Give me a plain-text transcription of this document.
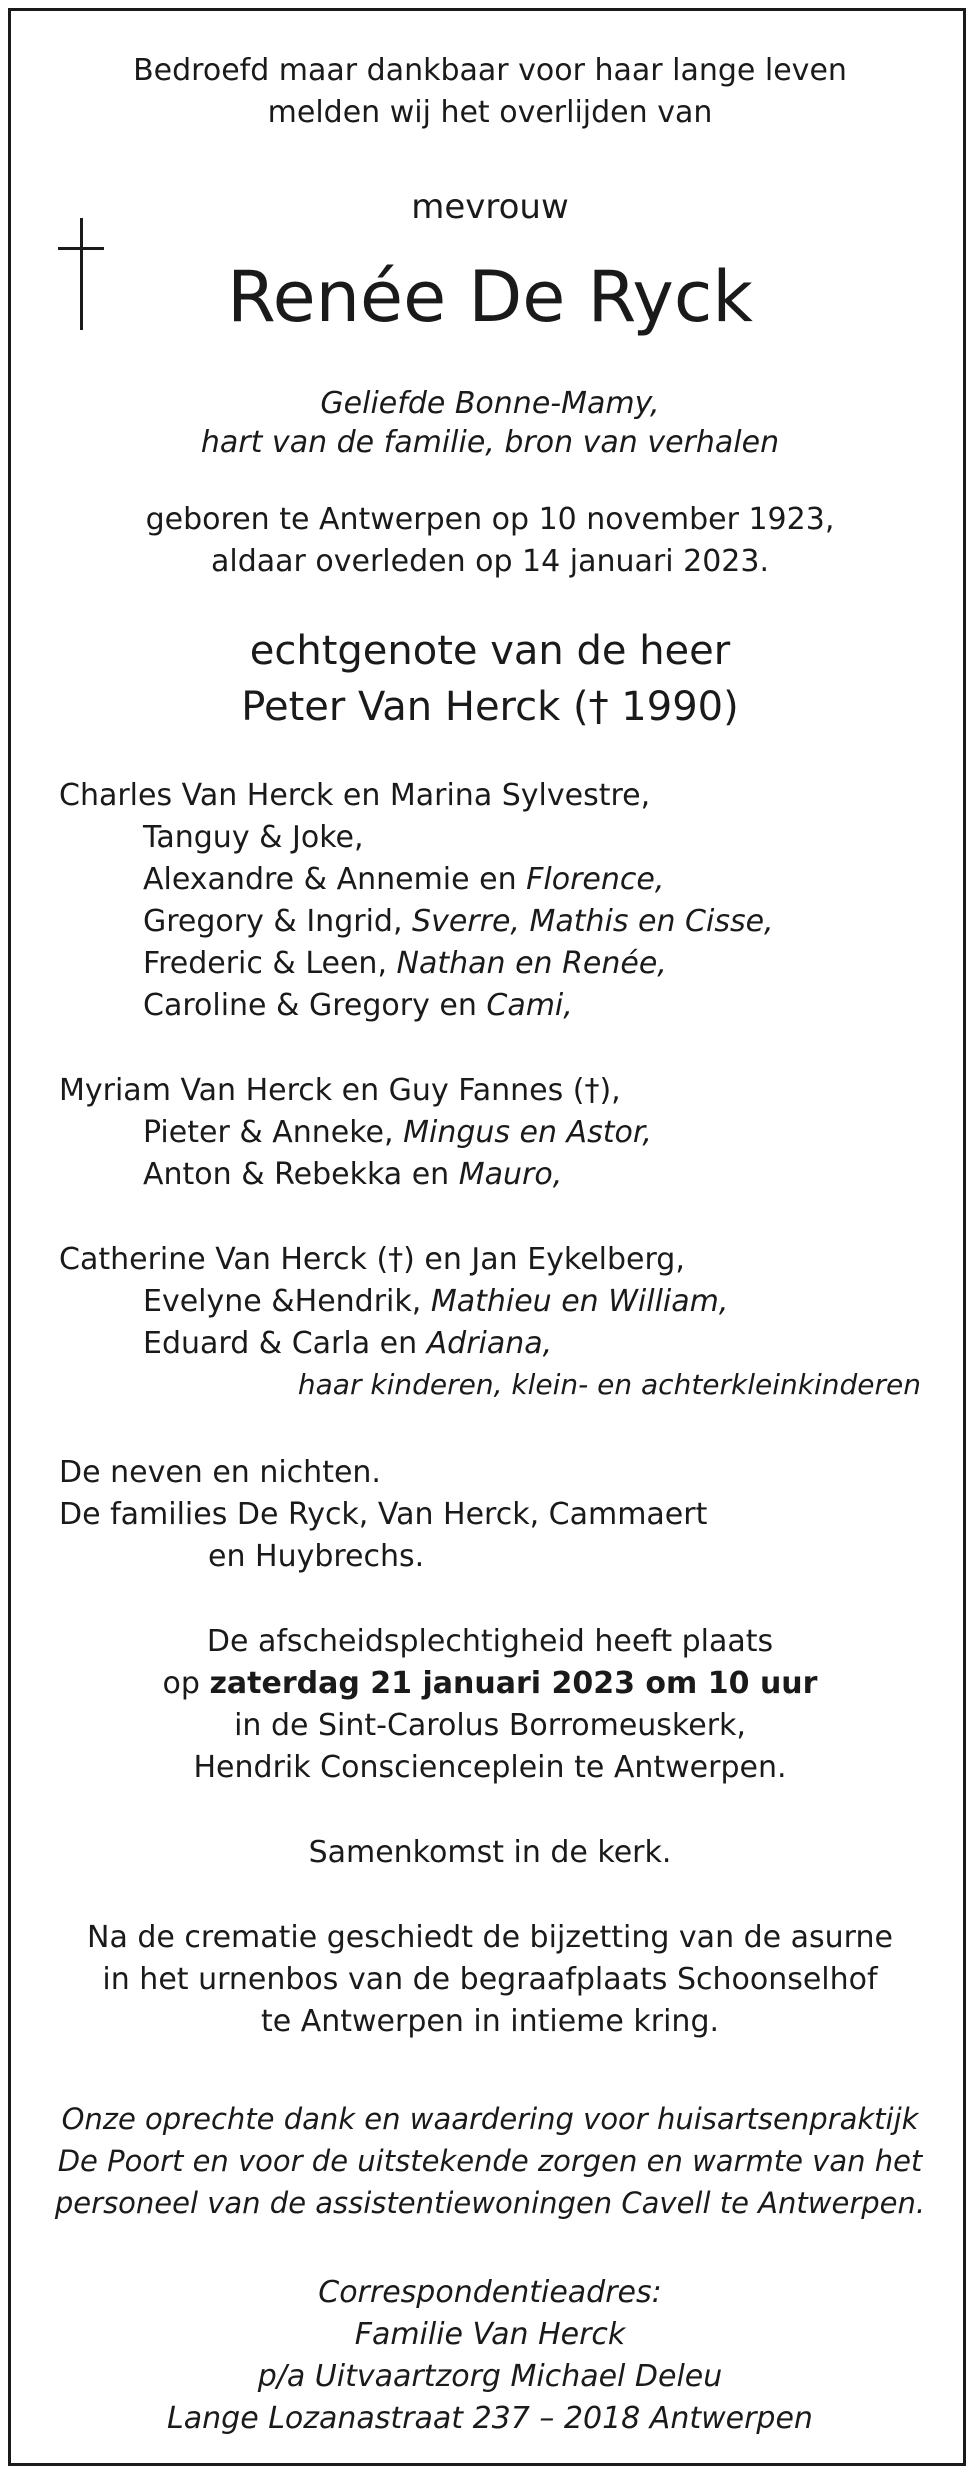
Bedroefd maar dankbaar voor haar lange leven
melden wij het overlijden van
mevrouw
Renée De Ryck
Geliefde Bonne-Mamy,
hart van de familie, bron van verhalen
geboren te Antwerpen op 10 november 1923,
aldaar overleden op 14 januari 2023.
echtgenote van de heer
Peter Van Herck († 1990)
Charles Van Herck en Marina Sylvestre,
Tanguy & Joke,
Alexandre & Annemie en Florence,
Gregory & Ingrid, Sverre, Mathis en Cisse,
Frederic & Leen, Nathan en Renée,
Caroline & Gregory en Cami,
Myriam Van Herck en Guy Fannes (†),
Pieter & Anneke, Mingus en Astor,
Anton & Rebekka en Mauro,
Catherine Van Herck (†) en Jan Eykelberg,
Evelyne &Hendrik, Mathieu en William,
Eduard & Carla en Adriana,
haar kinderen, klein- en achterkleinkinderen
De neven en nichten.
De families De Ryck, Van Herck, Cammaert
en Huybrechs.
De afscheidsplechtigheid heeft plaats
op zaterdag 21 januari 2023 om 10 uur
in de Sint-Carolus Borromeuskerk,
Hendrik Conscienceplein te Antwerpen.
Samenkomst in de kerk.
Na de crematie geschiedt de bijzetting van de asurne
in het urnenbos van de begraafplaats Schoonselhof
te Antwerpen in intieme kring.
Onze oprechte dank en waardering voor huisartsenpraktijk
De Poort en voor de uitstekende zorgen en warmte van het
personeel van de assistentiewoningen Cavell te Antwerpen.
Correspondentieadres:
Familie Van Herck
p/a Uitvaartzorg Michael Deleu
Lange Lozanastraat 237 – 2018 Antwerpen
